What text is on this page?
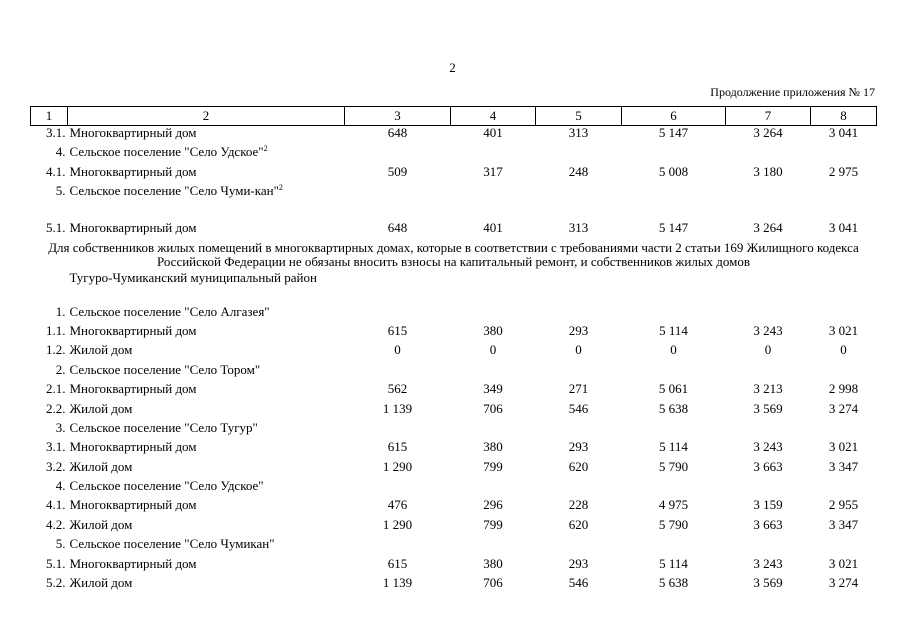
2
Продолжение приложения № 17
1	2	3	4	5	6	7	8
3.1.	Многоквартирный дом	648	401	313	5 147	3 264	3 041
4.	Сельское поселение "Село Удское"$^2$						
4.1.	Многоквартирный дом	509	317	248	5 008	3 180	2 975
5.	Сельское поселение "Село Чуми-кан"$^2$

5.1.	Многоквартирный дом	648	401	313	5 147	3 264	3 041
Для собственников жилых помещений в многоквартирных домах, которые в соответствии с требованиями части 2 статьи 169 Жилищного кодекса Российской Федерации не обязаны вносить взносы на капитальный ремонт, и собственников жилых домов							

	Тугуро-Чумиканский муниципальный район						

1.	Сельское поселение "Село Алгазея"						
1.1.	Многоквартирный дом	615	380	293	5 114	3 243	3 021
1.2.	Жилой дом	0	0	0	0	0	0
2.	Сельское поселение "Село Тором"						
2.1.	Многоквартирный дом	562	349	271	5 061	3 213	2 998
2.2.	Жилой дом	1 139	706	546	5 638	3 569	3 274
3.	Сельское поселение "Село Тугур"						
3.1.	Многоквартирный дом	615	380	293	5 114	3 243	3 021
3.2.	Жилой дом	1 290	799	620	5 790	3 663	3 347
4.	Сельское поселение "Село Удское"						
4.1.	Многоквартирный дом	476	296	228	4 975	3 159	2 955
4.2.	Жилой дом	1 290	799	620	5 790	3 663	3 347
5.	Сельское поселение "Село Чумикан"						
5.1.	Многоквартирный дом	615	380	293	5 114	3 243	3 021
5.2.	Жилой дом	1 139	706	546	5 638	3 569	3 274
